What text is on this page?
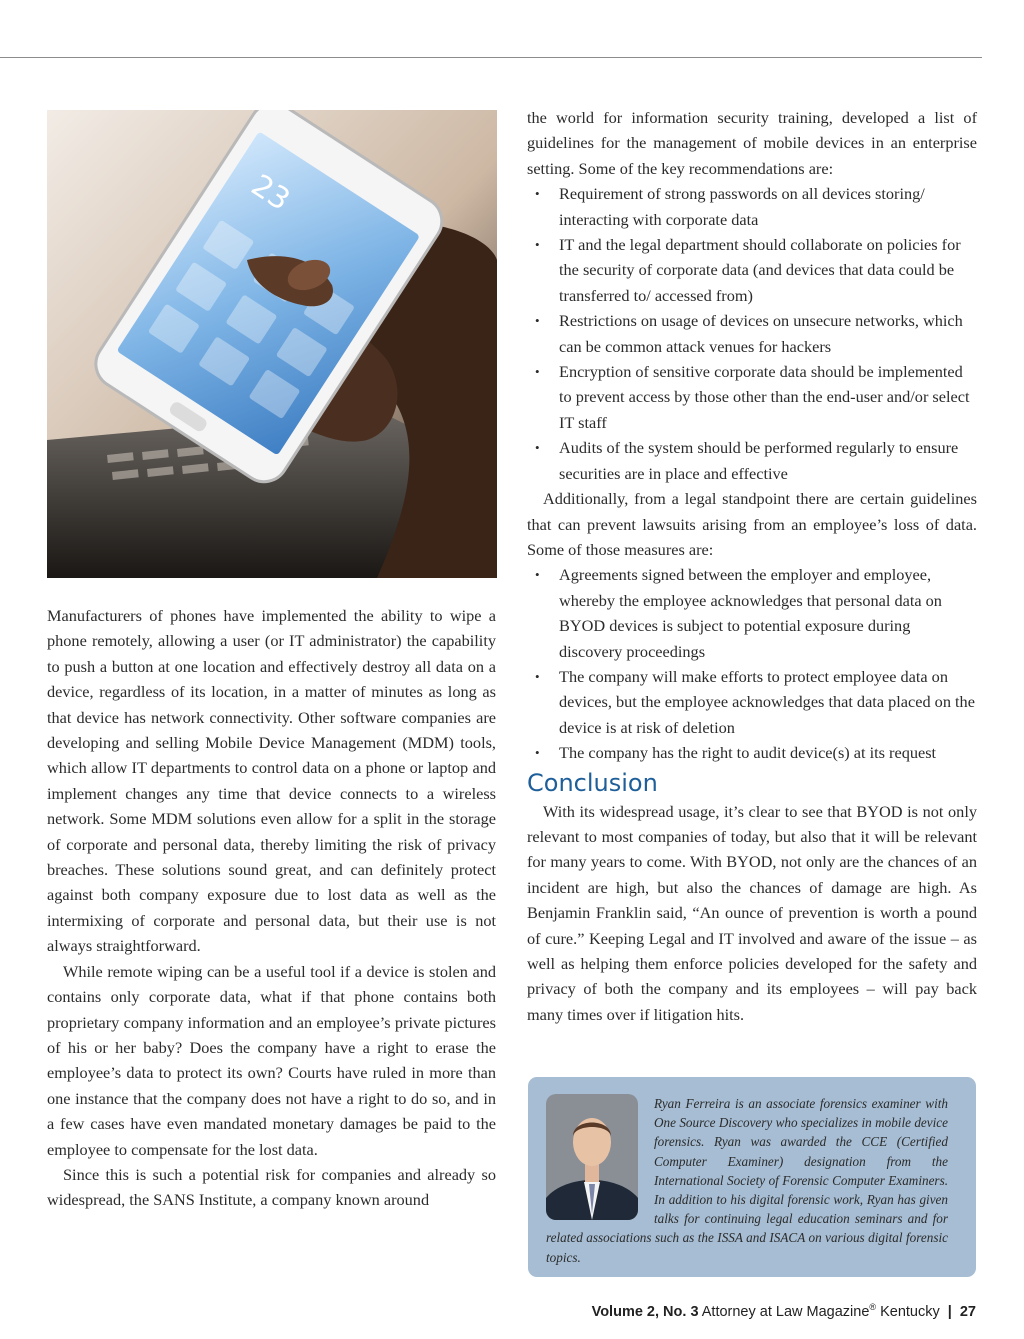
23

Manufacturers of phones have implemented the ability to wipe a phone remotely, allowing a user (or IT administrator) the capability to push a button at one location and effectively destroy all data on a device, regardless of its location, in a matter of minutes as long as that device has network connectivity. Other software companies are developing and selling Mobile Device Management (MDM) tools, which allow IT departments to control data on a phone or laptop and implement changes any time that device connects to a wireless network. Some MDM solutions even allow for a split in the storage of corporate and personal data, thereby limiting the risk of privacy breaches. These solutions sound great, and can definitely protect against both company exposure due to lost data as well as the intermixing of corporate and personal data, but their use is not always straightforward.

While remote wiping can be a useful tool if a device is stolen and contains only corporate data, what if that phone contains both proprietary company information and an employee’s private pictures of his or her baby? Does the company have a right to erase the employee’s data to protect its own? Courts have ruled in more than one instance that the company does not have a right to do so, and in a few cases have even mandated monetary damages be paid to the employee to compensate for the lost data.

Since this is such a potential risk for companies and already so widespread, the SANS Institute, a company known around

the world for information security training, developed a list of guidelines for the management of mobile devices in an enterprise setting. Some of the key recommendations are:

• Requirement of strong passwords on all devices storing/ interacting with corporate data
• IT and the legal department should collaborate on policies for the security of corporate data (and devices that data could be transferred to/ accessed from)
• Restrictions on usage of devices on unsecure networks, which can be common attack venues for hackers
• Encryption of sensitive corporate data should be implemented to prevent access by those other than the end-user and/or select IT staff
• Audits of the system should be performed regularly to ensure securities are in place and effective

Additionally, from a legal standpoint there are certain guidelines that can prevent lawsuits arising from an employee’s loss of data. Some of those measures are:

• Agreements signed between the employer and employee, whereby the employee acknowledges that personal data on BYOD devices is subject to potential exposure during discovery proceedings
• The company will make efforts to protect employee data on devices, but the employee acknowledges that data placed on the device is at risk of deletion
• The company has the right to audit device(s) at its request
Conclusion

With its widespread usage, it’s clear to see that BYOD is not only relevant to most companies of today, but also that it will be relevant for many years to come. With BYOD, not only are the chances of an incident are high, but also the chances of damage are high. As Benjamin Franklin said, “An ounce of prevention is worth a pound of cure.” Keeping Legal and IT involved and aware of the issue – as well as helping them enforce policies developed for the safety and privacy of both the company and its employees – will pay back many times over if litigation hits.

Ryan Ferreira is an associate forensics examiner with One Source Discovery who specializes in mobile device forensics. Ryan was awarded the CCE (Certified Computer Examiner) designation from the International Society of Forensic Computer Examiners. In addition to his digital forensic work, Ryan has given talks for continuing legal education seminars and for related associations such as the ISSA and ISACA on various digital forensic topics.
Volume 2, No. 3 Attorney at Law Magazine® Kentucky | 27
